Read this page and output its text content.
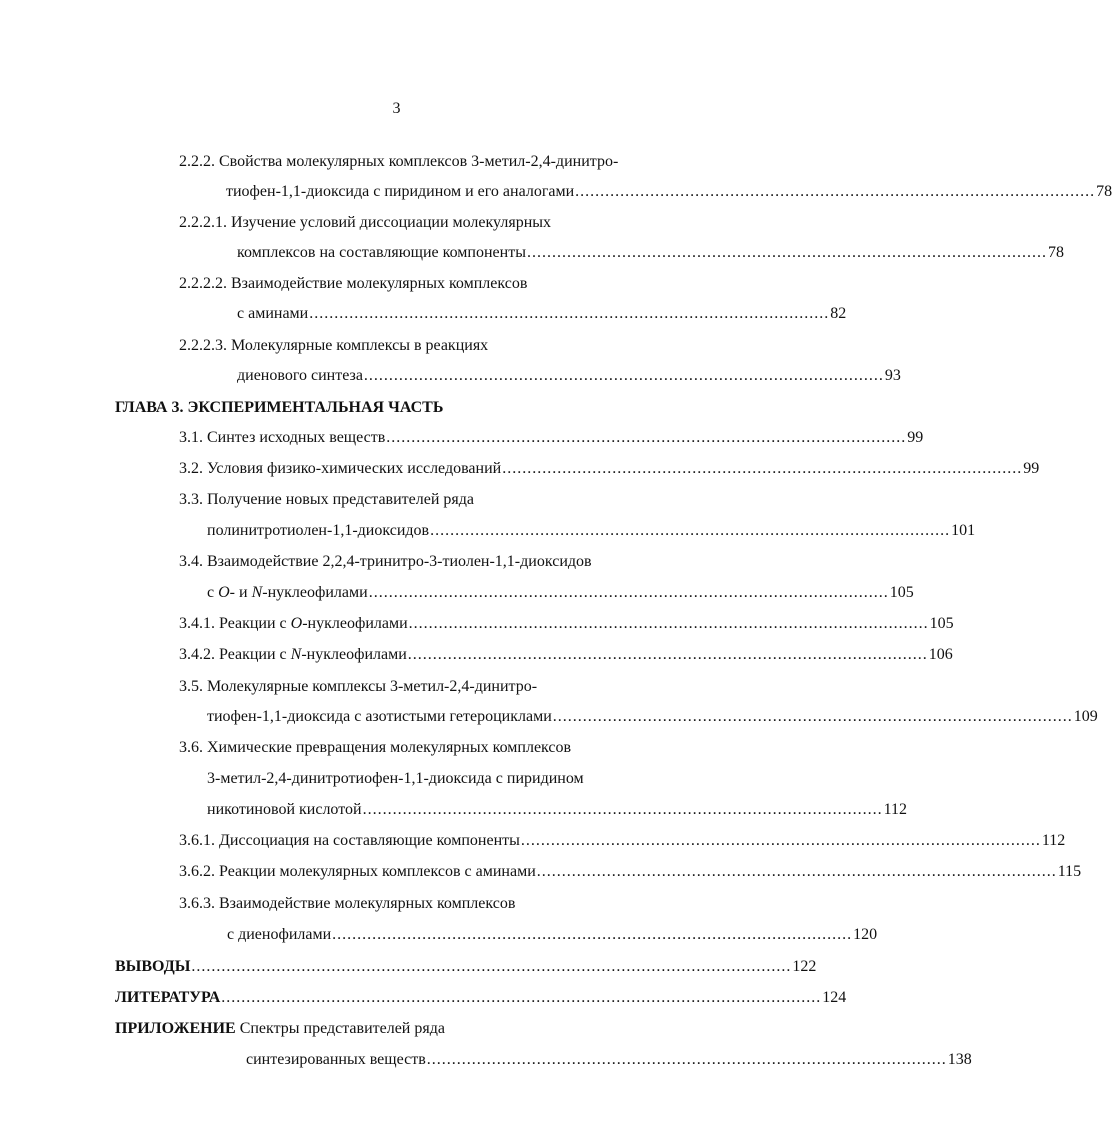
3
2.2.2. Свойства молекулярных комплексов 3-метил-2,4-динитро-
тиофен-1,1-диоксида с пиридином и его аналогами ........................................................................................................ 78
2.2.2.1. Изучение условий диссоциации молекулярных
комплексов на составляющие компоненты ........................................................................................................ 78
2.2.2.2. Взаимодействие молекулярных комплексов
с аминами ........................................................................................................ 82
2.2.2.3. Молекулярные комплексы в реакциях
диенового синтеза ........................................................................................................ 93
ГЛАВА 3. ЭКСПЕРИМЕНТАЛЬНАЯ ЧАСТЬ
3.1. Синтез исходных веществ ........................................................................................................ 99
3.2. Условия физико-химических исследований ........................................................................................................ 99
3.3. Получение новых представителей ряда
полинитротиолен-1,1-диоксидов ........................................................................................................ 101
3.4. Взаимодействие 2,2,4-тринитро-3-тиолен-1,1-диоксидов
с O- и N-нуклеофилами ........................................................................................................ 105
3.4.1. Реакции с O-нуклеофилами ........................................................................................................ 105
3.4.2. Реакции с N-нуклеофилами ........................................................................................................ 106
3.5. Молекулярные комплексы 3-метил-2,4-динитро-
тиофен-1,1-диоксида с азотистыми гетероциклами ........................................................................................................ 109
3.6. Химические превращения молекулярных комплексов
3-метил-2,4-динитротиофен-1,1-диоксида с пиридином
никотиновой кислотой ........................................................................................................ 112
3.6.1. Диссоциация на составляющие компоненты ........................................................................................................ 112
3.6.2. Реакции молекулярных комплексов с аминами ........................................................................................................ 115
3.6.3. Взаимодействие молекулярных комплексов
с диенофилами ........................................................................................................ 120
ВЫВОДЫ ........................................................................................................................ 122
ЛИТЕРАТУРА ........................................................................................................................ 124
ПРИЛОЖЕНИЕ Спектры представителей ряда
синтезированных веществ ........................................................................................................ 138
